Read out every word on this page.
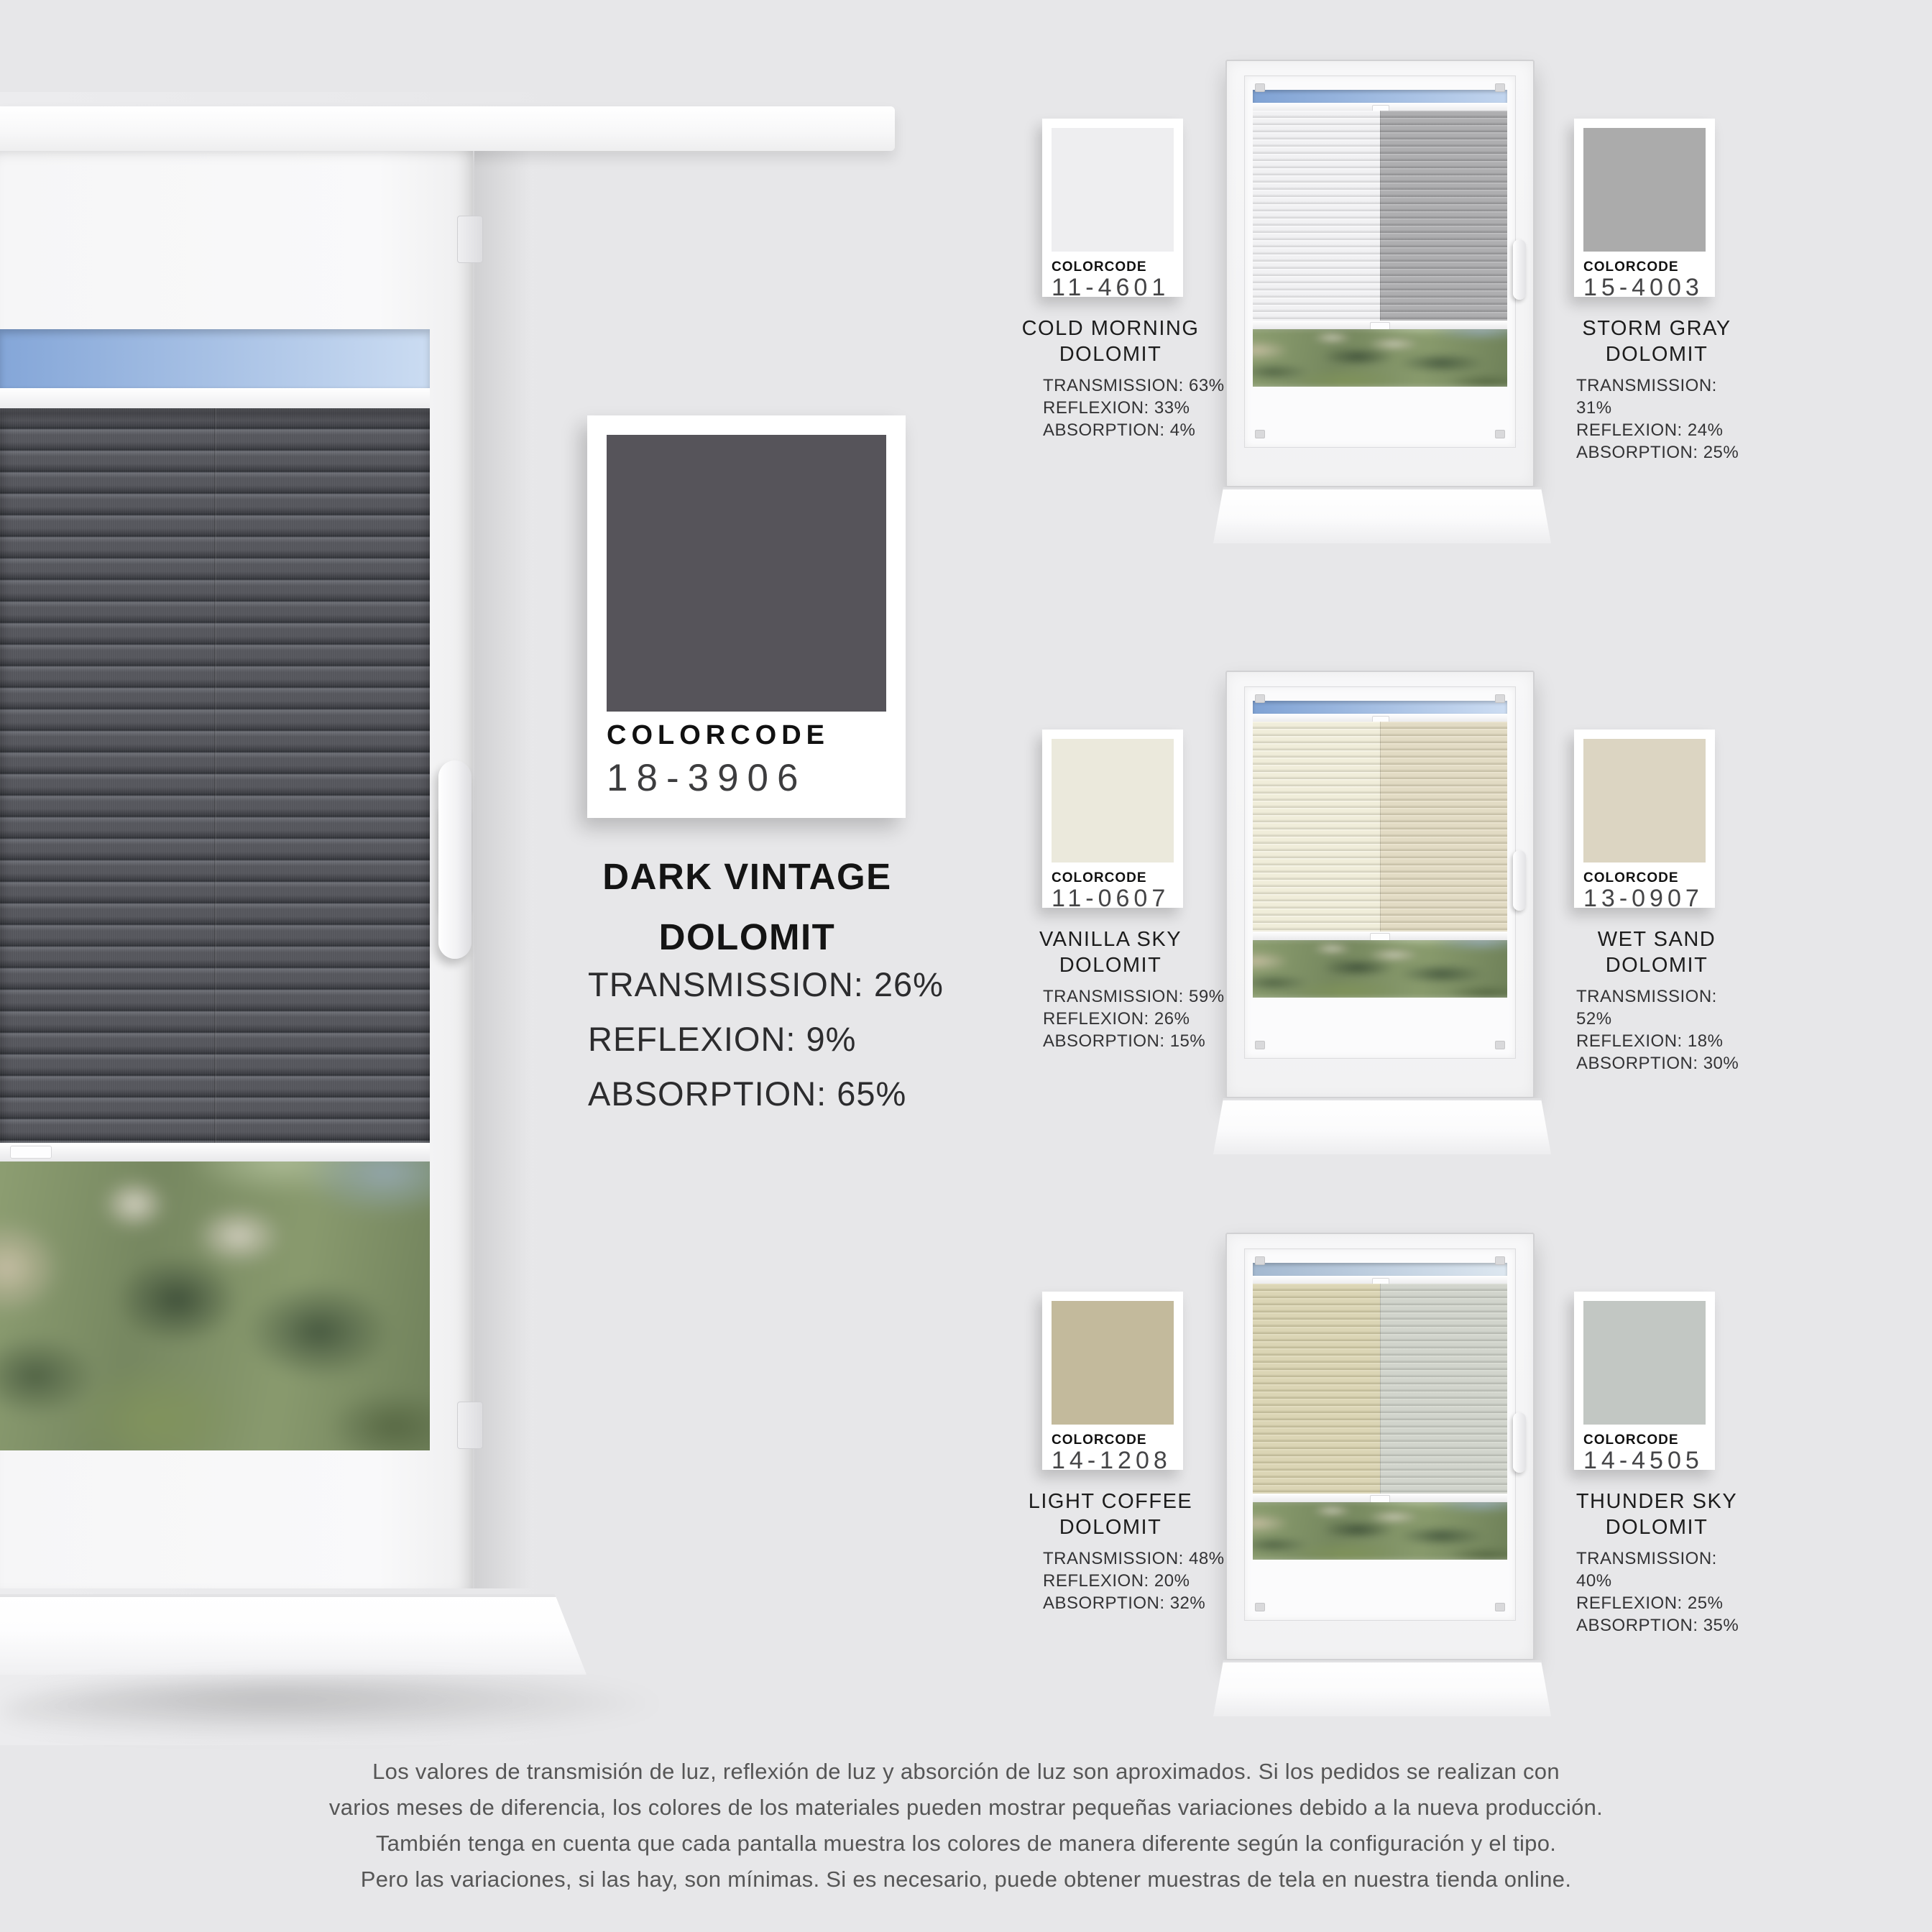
COLORCODE
18-3906
DARK VINTAGE
DOLOMIT
TRANSMISSION: 26%
REFLEXION: 9%
ABSORPTION: 65%
COLORCODE
11-4601
COLD MORNING
DOLOMIT
TRANSMISSION: 63%
REFLEXION: 33%
ABSORPTION: 4%
COLORCODE
15-4003
STORM GRAY
DOLOMIT
TRANSMISSION: 31%
REFLEXION: 24%
ABSORPTION: 25%
COLORCODE
11-0607
VANILLA SKY
DOLOMIT
TRANSMISSION: 59%
REFLEXION: 26%
ABSORPTION: 15%
COLORCODE
13-0907
WET SAND
DOLOMIT
TRANSMISSION: 52%
REFLEXION: 18%
ABSORPTION: 30%
COLORCODE
14-1208
LIGHT COFFEE
DOLOMIT
TRANSMISSION: 48%
REFLEXION: 20%
ABSORPTION: 32%
COLORCODE
14-4505
THUNDER SKY
DOLOMIT
TRANSMISSION: 40%
REFLEXION: 25%
ABSORPTION: 35%
Los valores de transmisión de luz, reflexión de luz y absorción de luz son aproximados. Si los pedidos se realizan con
varios meses de diferencia, los colores de los materiales pueden mostrar pequeñas variaciones debido a la nueva producción.
También tenga en cuenta que cada pantalla muestra los colores de manera diferente según la configuración y el tipo.
Pero las variaciones, si las hay, son mínimas. Si es necesario, puede obtener muestras de tela en nuestra tienda online.
